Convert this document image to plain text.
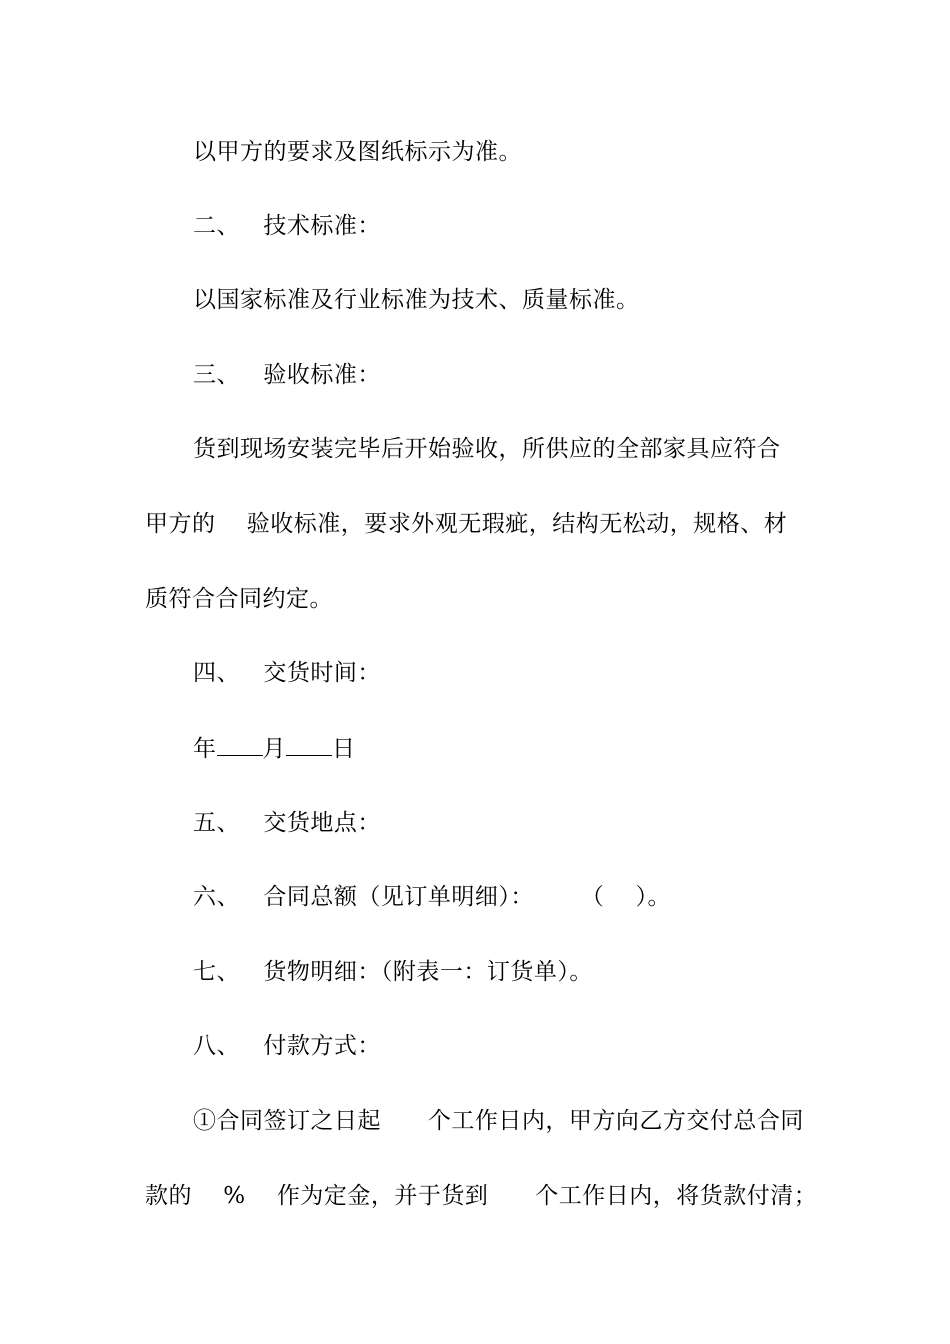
以甲方的要求及图纸标示为准。
二、   技术标准：
以国家标准及行业标准为技术、质量标准。
三、   验收标准：
货到现场安装完毕后开始验收，所供应的全部家具应符合
甲方的    验收标准，要求外观无瑕疵，结构无松动，规格、材
质符合合同约定。
四、   交货时间：
年 月 日
五、   交货地点：
六、   合同总额（见订单明细）：      （    ）。
七、   货物明细：（附表一：订货单）。
八、   付款方式：
①合同签订之日起      个工作日内，甲方向乙方交付总合同
款的    %    作为定金，并于货到      个工作日内，将货款付清；
